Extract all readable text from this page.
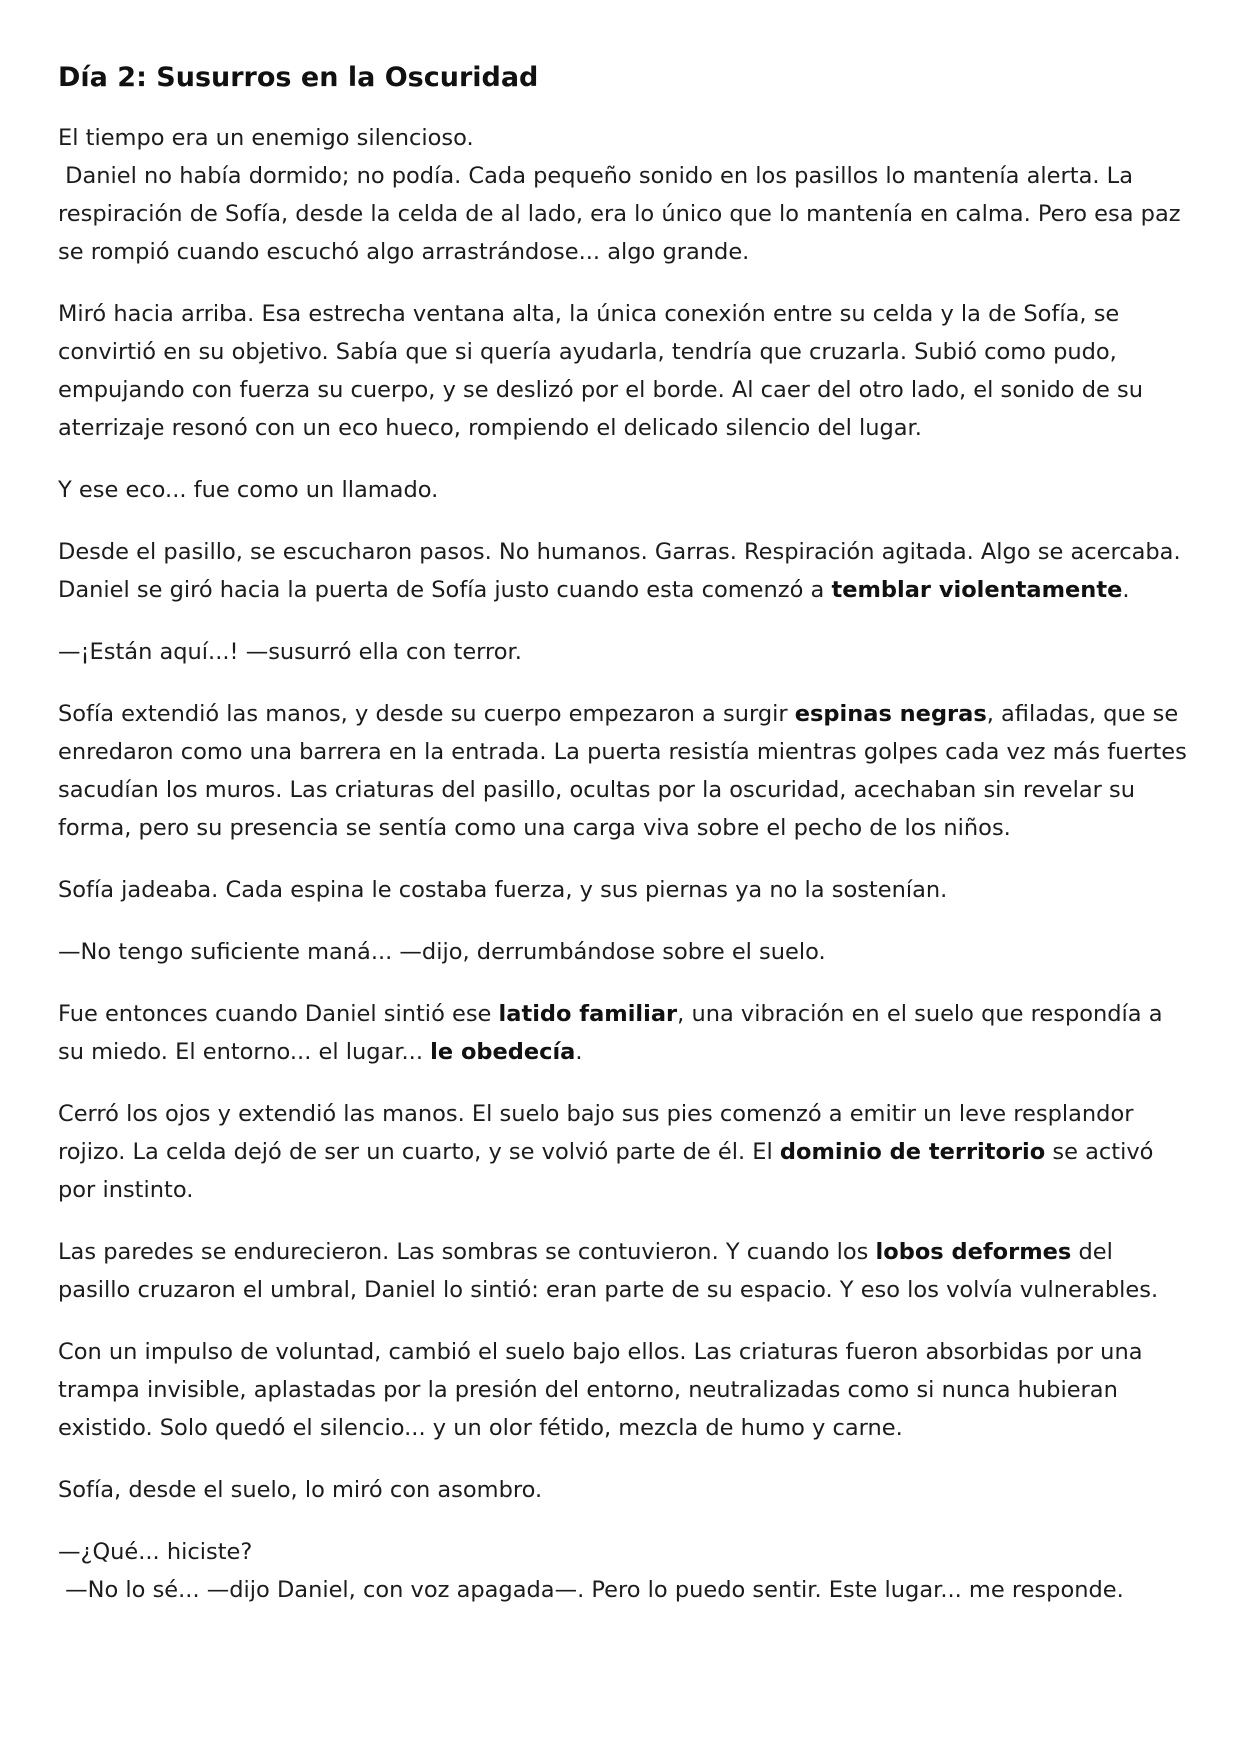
Día 2: Susurros en la Oscuridad

El tiempo era un enemigo silencioso.
Daniel no había dormido; no podía. Cada pequeño sonido en los pasillos lo mantenía alerta. La respiración de Sofía, desde la celda de al lado, era lo único que lo mantenía en calma. Pero esa paz se rompió cuando escuchó algo arrastrándose... algo grande.

Miró hacia arriba. Esa estrecha ventana alta, la única conexión entre su celda y la de Sofía, se convirtió en su objetivo. Sabía que si quería ayudarla, tendría que cruzarla. Subió como pudo, empujando con fuerza su cuerpo, y se deslizó por el borde. Al caer del otro lado, el sonido de su aterrizaje resonó con un eco hueco, rompiendo el delicado silencio del lugar.

Y ese eco... fue como un llamado.

Desde el pasillo, se escucharon pasos. No humanos. Garras. Respiración agitada. Algo se acercaba. Daniel se giró hacia la puerta de Sofía justo cuando esta comenzó a temblar violentamente.

—¡Están aquí...! —susurró ella con terror.

Sofía extendió las manos, y desde su cuerpo empezaron a surgir espinas negras, afiladas, que se enredaron como una barrera en la entrada. La puerta resistía mientras golpes cada vez más fuertes sacudían los muros. Las criaturas del pasillo, ocultas por la oscuridad, acechaban sin revelar su forma, pero su presencia se sentía como una carga viva sobre el pecho de los niños.

Sofía jadeaba. Cada espina le costaba fuerza, y sus piernas ya no la sostenían.

—No tengo suficiente maná... —dijo, derrumbándose sobre el suelo.

Fue entonces cuando Daniel sintió ese latido familiar, una vibración en el suelo que respondía a su miedo. El entorno... el lugar... le obedecía.

Cerró los ojos y extendió las manos. El suelo bajo sus pies comenzó a emitir un leve resplandor rojizo. La celda dejó de ser un cuarto, y se volvió parte de él. El dominio de territorio se activó por instinto.

Las paredes se endurecieron. Las sombras se contuvieron. Y cuando los lobos deformes del pasillo cruzaron el umbral, Daniel lo sintió: eran parte de su espacio. Y eso los volvía vulnerables.

Con un impulso de voluntad, cambió el suelo bajo ellos. Las criaturas fueron absorbidas por una trampa invisible, aplastadas por la presión del entorno, neutralizadas como si nunca hubieran existido. Solo quedó el silencio... y un olor fétido, mezcla de humo y carne.

Sofía, desde el suelo, lo miró con asombro.

—¿Qué... hiciste?
—No lo sé... —dijo Daniel, con voz apagada—. Pero lo puedo sentir. Este lugar... me responde.
